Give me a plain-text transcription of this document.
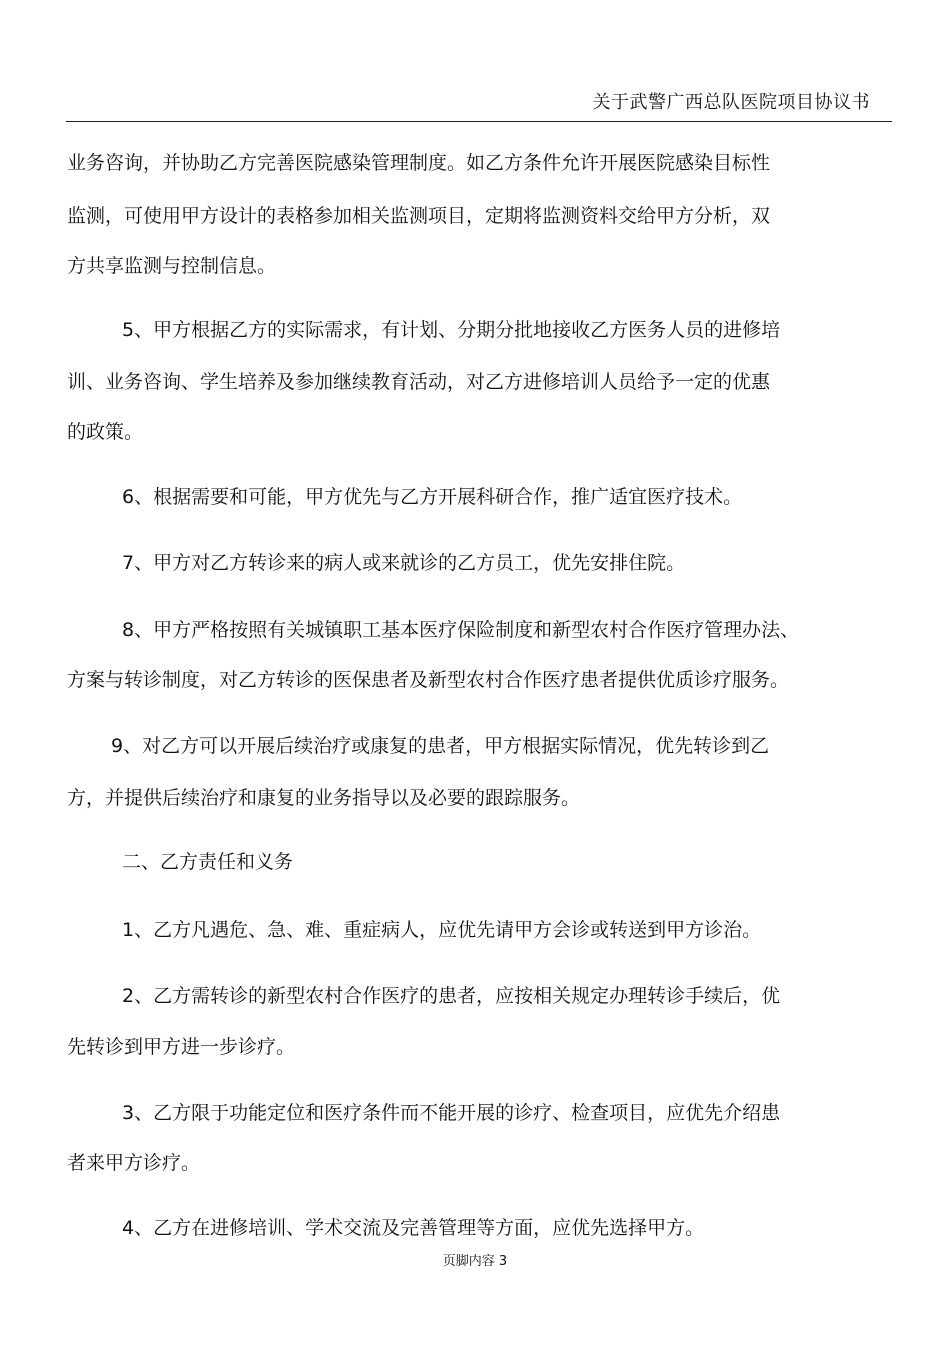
关于武警广西总队医院项目协议书
业务咨询，并协助乙方完善医院感染管理制度。如乙方条件允许开展医院感染目标性
监测，可使用甲方设计的表格参加相关监测项目，定期将监测资料交给甲方分析，双
方共享监测与控制信息。
5、甲方根据乙方的实际需求，有计划、分期分批地接收乙方医务人员的进修培
训、业务咨询、学生培养及参加继续教育活动，对乙方进修培训人员给予一定的优惠
的政策。
6、根据需要和可能，甲方优先与乙方开展科研合作，推广适宜医疗技术。
7、甲方对乙方转诊来的病人或来就诊的乙方员工，优先安排住院。
8、甲方严格按照有关城镇职工基本医疗保险制度和新型农村合作医疗管理办法、
方案与转诊制度，对乙方转诊的医保患者及新型农村合作医疗患者提供优质诊疗服务。
9、对乙方可以开展后续治疗或康复的患者，甲方根据实际情况，优先转诊到乙
方，并提供后续治疗和康复的业务指导以及必要的跟踪服务。
二、乙方责任和义务
1、乙方凡遇危、急、难、重症病人，应优先请甲方会诊或转送到甲方诊治。
2、乙方需转诊的新型农村合作医疗的患者，应按相关规定办理转诊手续后，优
先转诊到甲方进一步诊疗。
3、乙方限于功能定位和医疗条件而不能开展的诊疗、检查项目，应优先介绍患
者来甲方诊疗。
4、乙方在进修培训、学术交流及完善管理等方面，应优先选择甲方。
页脚内容 3
